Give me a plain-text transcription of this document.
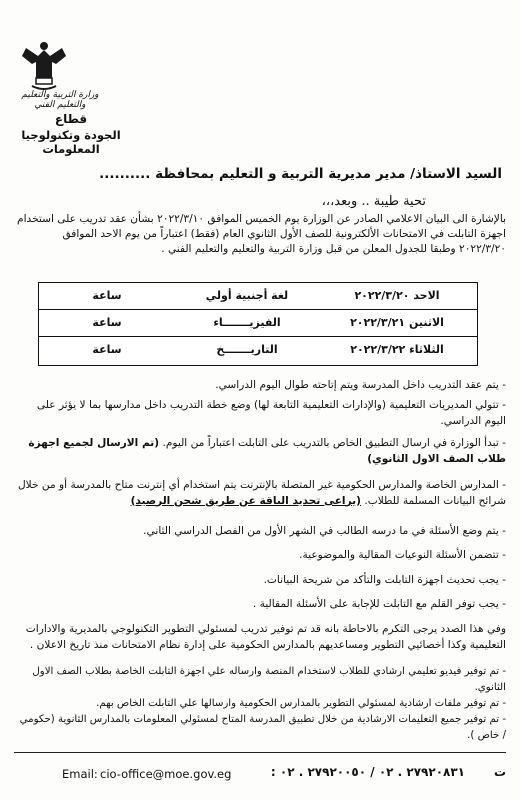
وزارة التربية والتعليم والتعليم الفني
قطاع
الجودة وتكنولوجيا المعلومات
السيد الاستاذ/ مدير مديرية التربية و التعليم بمحافظة ..........
تحية طيبة .. وبعد،،،
بالإشارة الى البيان الاعلامي الصادر عن الوزارة يوم الخميس الموافق ٢٠٢٢/٣/١٠ بشأن عقد تدريب على استخدام اجهزة التابلت في الامتحانات الألكترونية للصف الأول الثانوي العام (فقط) اعتباراً من يوم الاحد الموافق ٢٠٢٢/٣/٢٠ وطبقا للجدول المعلن من قبل وزارة التربية والتعليم والتعليم الفني .
الاحد ٢٠٢٢/٣/٢٠
لغة أجنبية أولي
ساعة
الاثنين ٢٠٢٢/٣/٢١
الفيزيـــــــاء
ساعة
الثلاثاء ٢٠٢٢/٣/٢٢
التاريـــــــخ
ساعة
- يتم عقد التدريب داخل المدرسة ويتم إتاحته طوال اليوم الدراسي.
- تتولي المديريات التعليمية (والإدارات التعليمية التابعة لها) وضع خطة التدريب داخل مدارسها بما لا يؤثر على اليوم الدراسي.
- تبدأ الوزارة في ارسال التطبيق الخاص بالتدريب على التابلت اعتباراً من اليوم. (تم الارسال لجميع اجهزة طلاب الصف الاول الثانوي)
- المدارس الخاصة والمدارس الحكومية غير المتصلة بالإنترنت يتم استخدام أي إنترنت متاح بالمدرسة أو من خلال شرائح البيانات المسلمة للطلاب. (يراعى تجديد الباقة عن طريق شحن الرصيد)
- يتم وضع الأسئلة في ما درسه الطالب في الشهر الأول من الفصل الدراسي الثاني.
- تتضمن الأسئلة النوعيات المقالية والموضوعية.
- يجب تحديث اجهزة التابلت والتأكد من شريحة البيانات.
- يجب توفر القلم مع التابلت للإجابة على الأسئلة المقالية .
وفي هذا الصدد يرجى التكرم بالاحاطة بانه قد تم توفير تدريب لمسئولي التطوير التكنولوجي بالمديرية والادارات التعليمية وكذا أخصائيي التطوير ومساعديهم بالمدارس الحكومية على إدارة نظام الامتحانات منذ تاريخ الاعلان .
- تم توفير فيديو تعليمي ارشادي للطلاب لاستخدام المنصة وارساله علي اجهزة التابلت الخاصة بطلاب الصف الاول الثانوي.
- تم توفير ملفات ارشادية لمسئولي التطوير بالمدارس الحكومية وارسالها علي التابلت الخاص بهم.
- تم توفير جميع التعليمات الارشادية من خلال تطبيق المدرسة المتاح لمسئولي المعلومات بالمدارس الثانوية (حكومي / خاص ).
Email: cio-office@moe.gov.eg	: ٢٧٩٢٠٨٣١ . ٠٢ / ٢٧٩٢٠٠٥٠ . ٠٢ ت
